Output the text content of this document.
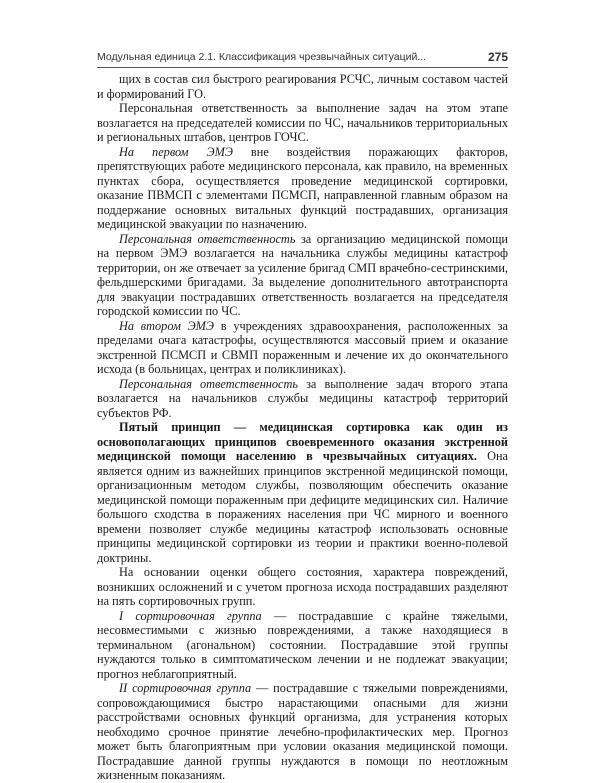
Модульная единица 2.1. Классификация чрезвычайных ситуаций...	275

щих в состав сил быстрого реагирования РСЧС, личным составом частей и формирований ГО.

Персональная ответственность за выполнение задач на этом этапе возлагается на председателей комиссии по ЧС, начальников территориальных и региональных штабов, центров ГОЧС.

На первом ЭМЭ вне воздействия поражающих факторов, препятствующих работе медицинского персонала, как правило, на временных пунктах сбора, осуществляется проведение медицинской сортировки, оказание ПВМСП с элементами ПСМСП, направленной главным образом на поддержание основных витальных функций пострадавших, организация медицинской эвакуации по назначению.

Персональная ответственность за организацию медицинской помощи на первом ЭМЭ возлагается на начальника службы медицины катастроф территории, он же отвечает за усиление бригад СМП врачебно-сестринскими, фельдшерскими бригадами. За выделение дополнительного автотранспорта для эвакуации пострадавших ответственность возлагается на председателя городской комиссии по ЧС.

На втором ЭМЭ в учреждениях здравоохранения, расположенных за пределами очага катастрофы, осуществляются массовый прием и оказание экстренной ПСМСП и СВМП пораженным и лечение их до окончательного исхода (в больницах, центрах и поликлиниках).

Персональная ответственность за выполнение задач второго этапа возлагается на начальников службы медицины катастроф территорий субъектов РФ.

Пятый принцип — медицинская сортировка как один из основополагающих принципов своевременного оказания экстренной медицинской помощи населению в чрезвычайных ситуациях. Она является одним из важнейших принципов экстренной медицинской помощи, организационным методом службы, позволяющим обеспечить оказание медицинской помощи пораженным при дефиците медицинских сил. Наличие большого сходства в поражениях населения при ЧС мирного и военного времени позволяет службе медицины катастроф использовать основные принципы медицинской сортировки из теории и практики военно-полевой доктрины.

На основании оценки общего состояния, характера повреждений, возникших осложнений и с учетом прогноза исхода пострадавших разделяют на пять сортировочных групп.

I сортировочная группа — пострадавшие с крайне тяжелыми, несовместимыми с жизнью повреждениями, а также находящиеся в терминальном (агональном) состоянии. Пострадавшие этой группы нуждаются только в симптоматическом лечении и не подлежат эвакуации; прогноз неблагоприятный.

II сортировочная группа — пострадавшие с тяжелыми повреждениями, сопровождающимися быстро нарастающими опасными для жизни расстройствами основных функций организма, для устранения которых необходимо срочное принятие лечебно-профилактических мер. Прогноз может быть благоприятным при условии оказания медицинской помощи. Пострадавшие данной группы нуждаются в помощи по неотложным жизненным показаниям.
